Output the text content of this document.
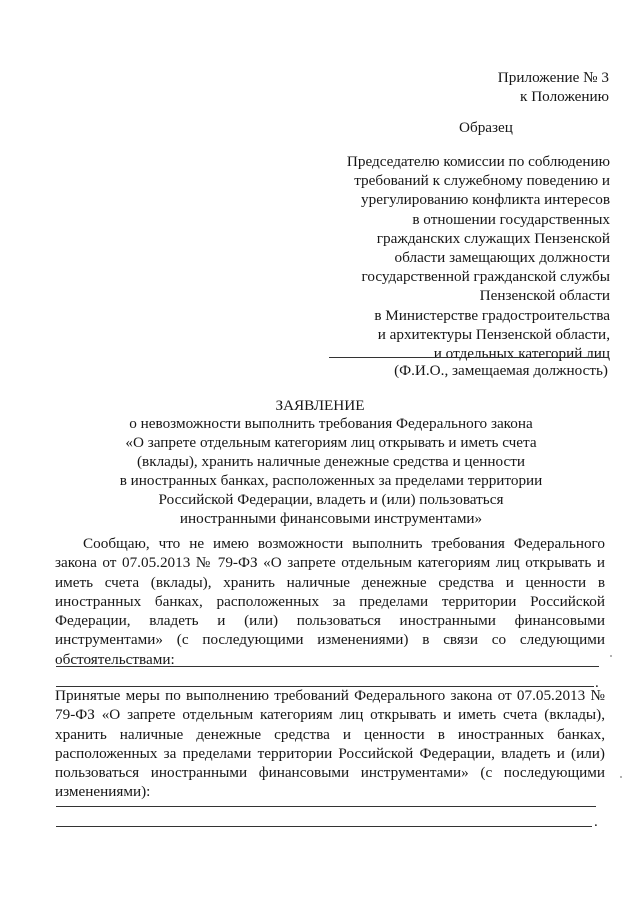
Приложение № 3
к Положению
Образец
Председателю комиссии по соблюдению
требований к служебному поведению и
урегулированию конфликта интересов
в отношении государственных
гражданских служащих Пензенской
области замещающих должности
государственной гражданской службы
Пензенской области
в Министерстве градостроительства
и архитектуры Пензенской области,
и отдельных категорий лиц
(Ф.И.О., замещаемая должность)
ЗАЯВЛЕНИЕ
о невозможности выполнить требования Федерального закона
«О запрете отдельным категориям лиц открывать и иметь счета
(вклады), хранить наличные денежные средства и ценности
в иностранных банках, расположенных за пределами территории
Российской Федерации, владеть и (или) пользоваться
иностранными финансовыми инструментами»
Сообщаю, что не имею возможности выполнить требования Федерального закона от 07.05.2013 № 79-ФЗ «О запрете отдельным категориям лиц открывать и иметь счета (вклады), хранить наличные денежные средства и ценности в иностранных банках, расположенных за пределами территории Российской Федерации, владеть и (или) пользоваться иностранными финансовыми инструментами» (с последующими изменениями) в связи со следующими обстоятельствами:
.
Принятые меры по выполнению требований Федерального закона от 07.05.2013 № 79-ФЗ «О запрете отдельным категориям лиц открывать и иметь счета (вклады), хранить наличные денежные средства и ценности в иностранных банках, расположенных за пределами территории Российской Федерации, владеть и (или) пользоваться иностранными финансовыми инструментами» (с последующими изменениями):
.
